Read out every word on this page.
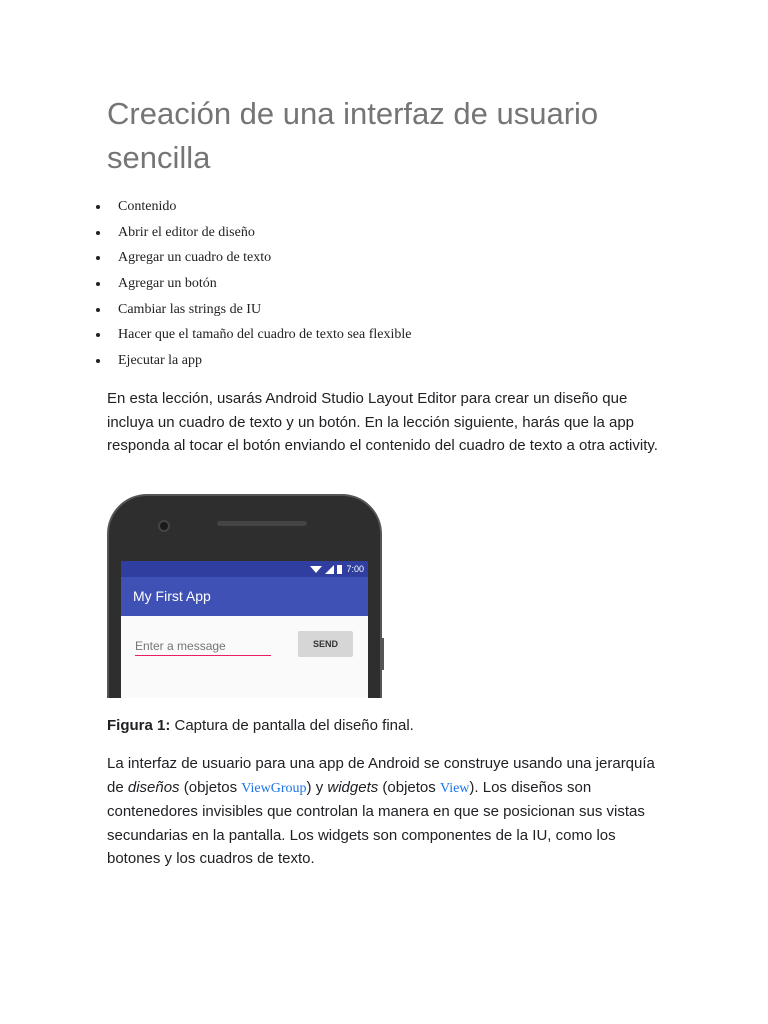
Creación de una interfaz de usuario sencilla
Contenido
Abrir el editor de diseño
Agregar un cuadro de texto
Agregar un botón
Cambiar las strings de IU
Hacer que el tamaño del cuadro de texto sea flexible
Ejecutar la app

En esta lección, usarás Android Studio Layout Editor para crear un diseño que incluya un cuadro de texto y un botón. En la lección siguiente, harás que la app responda al tocar el botón enviando el contenido del cuadro de texto a otra activity.

7:00
My First App
Enter a message
SEND

Figura 1: Captura de pantalla del diseño final.

La interfaz de usuario para una app de Android se construye usando una jerarquía de diseños (objetos ViewGroup) y widgets (objetos View). Los diseños son contenedores invisibles que controlan la manera en que se posicionan sus vistas secundarias en la pantalla. Los widgets son componentes de la IU, como los botones y los cuadros de texto.
